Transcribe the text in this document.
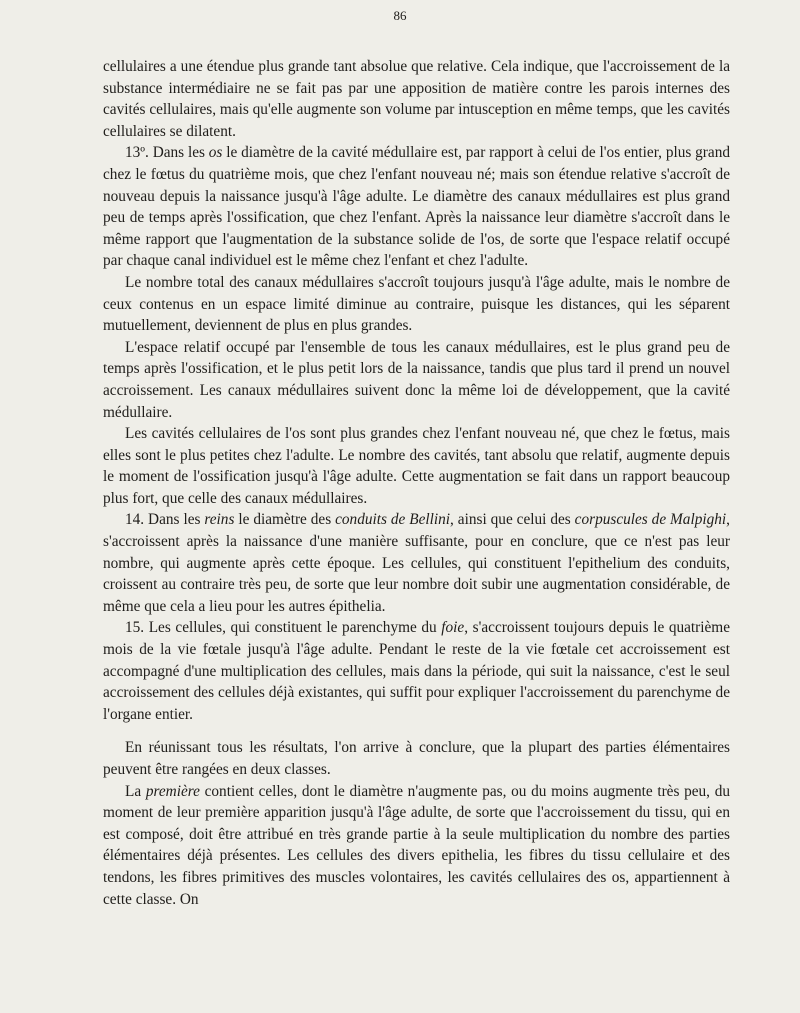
86

cellulaires a une étendue plus grande tant absolue que relative. Cela indique, que l'accroissement de la substance intermédiaire ne se fait pas par une apposition de matière contre les parois internes des cavités cellulaires, mais qu'elle augmente son volume par intusception en même temps, que les cavités cellulaires se dilatent.

13º. Dans les os le diamètre de la cavité médullaire est, par rapport à celui de l'os entier, plus grand chez le fœtus du quatrième mois, que chez l'enfant nouveau né; mais son étendue relative s'accroît de nouveau depuis la naissance jusqu'à l'âge adulte. Le diamètre des canaux médullaires est plus grand peu de temps après l'ossification, que chez l'enfant. Après la naissance leur diamètre s'accroît dans le même rapport que l'augmentation de la substance solide de l'os, de sorte que l'espace relatif occupé par chaque canal individuel est le même chez l'enfant et chez l'adulte.

Le nombre total des canaux médullaires s'accroît toujours jusqu'à l'âge adulte, mais le nombre de ceux contenus en un espace limité diminue au contraire, puisque les distances, qui les séparent mutuellement, deviennent de plus en plus grandes.

L'espace relatif occupé par l'ensemble de tous les canaux médullaires, est le plus grand peu de temps après l'ossification, et le plus petit lors de la naissance, tandis que plus tard il prend un nouvel accroissement. Les canaux médullaires suivent donc la même loi de développement, que la cavité médullaire.

Les cavités cellulaires de l'os sont plus grandes chez l'enfant nouveau né, que chez le fœtus, mais elles sont le plus petites chez l'adulte. Le nombre des cavités, tant absolu que relatif, augmente depuis le moment de l'ossification jusqu'à l'âge adulte. Cette augmentation se fait dans un rapport beaucoup plus fort, que celle des canaux médullaires.

14. Dans les reins le diamètre des conduits de Bellini, ainsi que celui des corpuscules de Malpighi, s'accroissent après la naissance d'une manière suffisante, pour en conclure, que ce n'est pas leur nombre, qui augmente après cette époque. Les cellules, qui constituent l'epithelium des conduits, croissent au contraire très peu, de sorte que leur nombre doit subir une augmentation considérable, de même que cela a lieu pour les autres épithelia.

15. Les cellules, qui constituent le parenchyme du foie, s'accroissent toujours depuis le quatrième mois de la vie fœtale jusqu'à l'âge adulte. Pendant le reste de la vie fœtale cet accroissement est accompagné d'une multiplication des cellules, mais dans la période, qui suit la naissance, c'est le seul accroissement des cellules déjà existantes, qui suffit pour expliquer l'accroissement du parenchyme de l'organe entier.

En réunissant tous les résultats, l'on arrive à conclure, que la plupart des parties élémentaires peuvent être rangées en deux classes.

La première contient celles, dont le diamètre n'augmente pas, ou du moins augmente très peu, du moment de leur première apparition jusqu'à l'âge adulte, de sorte que l'accroissement du tissu, qui en est composé, doit être attribué en très grande partie à la seule multiplication du nombre des parties élémentaires déjà présentes. Les cellules des divers epithelia, les fibres du tissu cellulaire et des tendons, les fibres primitives des muscles volontaires, les cavités cellulaires des os, appartiennent à cette classe. On
